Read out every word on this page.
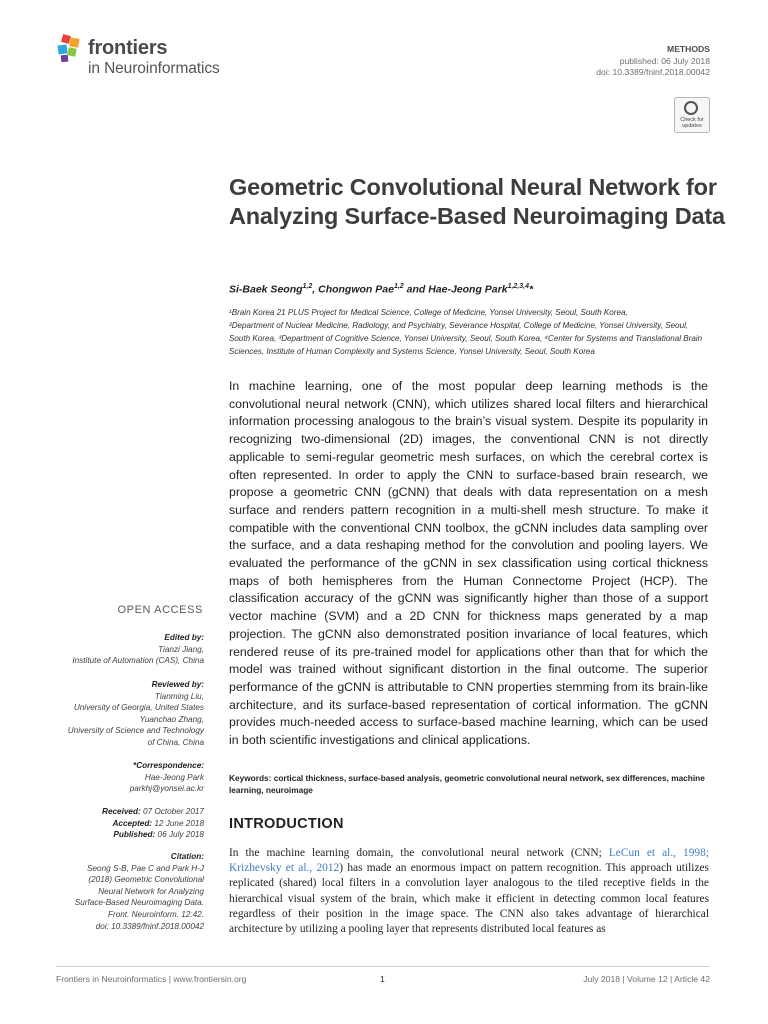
frontiers
in Neuroinformatics
METHODS
published: 06 July 2018
doi: 10.3389/fninf.2018.00042
Check for updates
Geometric Convolutional Neural Network for Analyzing Surface-Based Neuroimaging Data
Si-Baek Seong$^{1,2}$, Chongwon Pae$^{1,2}$ and Hae-Jeong Park$^{1,2,3,4}$*

¹Brain Korea 21 PLUS Project for Medical Science, College of Medicine, Yonsei University, Seoul, South Korea,

²Department of Nuclear Medicine, Radiology, and Psychiatry, Severance Hospital, College of Medicine, Yonsei University, Seoul, South Korea, ³Department of Cognitive Science, Yonsei University, Seoul, South Korea, ⁴Center for Systems and Translational Brain Sciences, Institute of Human Complexity and Systems Science, Yonsei University, Seoul, South Korea

In machine learning, one of the most popular deep learning methods is the convolutional neural network (CNN), which utilizes shared local filters and hierarchical information processing analogous to the brain’s visual system. Despite its popularity in recognizing two-dimensional (2D) images, the conventional CNN is not directly applicable to semi-regular geometric mesh surfaces, on which the cerebral cortex is often represented. In order to apply the CNN to surface-based brain research, we propose a geometric CNN (gCNN) that deals with data representation on a mesh surface and renders pattern recognition in a multi-shell mesh structure. To make it compatible with the conventional CNN toolbox, the gCNN includes data sampling over the surface, and a data reshaping method for the convolution and pooling layers. We evaluated the performance of the gCNN in sex classification using cortical thickness maps of both hemispheres from the Human Connectome Project (HCP). The classification accuracy of the gCNN was significantly higher than those of a support vector machine (SVM) and a 2D CNN for thickness maps generated by a map projection. The gCNN also demonstrated position invariance of local features, which rendered reuse of its pre-trained model for applications other than that for which the model was trained without significant distortion in the final outcome. The superior performance of the gCNN is attributable to CNN properties stemming from its brain-like architecture, and its surface-based representation of cortical information. The gCNN provides much-needed access to surface-based machine learning, which can be used in both scientific investigations and clinical applications.
Keywords: cortical thickness, surface-based analysis, geometric convolutional neural network, sex differences, machine learning, neuroimage
INTRODUCTION
In the machine learning domain, the convolutional neural network (CNN; LeCun et al., 1998; Krizhevsky et al., 2012) has made an enormous impact on pattern recognition. This approach utilizes replicated (shared) local filters in a convolution layer analogous to the tiled receptive fields in the hierarchical visual system of the brain, which make it efficient in detecting common local features regardless of their position in the image space. The CNN also takes advantage of hierarchical architecture by utilizing a pooling layer that represents distributed local features as
OPEN ACCESS
Edited by:
Tianzi Jiang,
Institute of Automation (CAS), China
Reviewed by:
Tianming Liu,
University of Georgia, United States
Yuanchao Zhang,
University of Science and Technology
of China, China
*Correspondence:
Hae-Jeong Park
parkhj@yonsei.ac.kr
Received: 07 October 2017
Accepted: 12 June 2018
Published: 06 July 2018
Citation:
Seong S-B, Pae C and Park H-J
(2018) Geometric Convolutional
Neural Network for Analyzing
Surface-Based Neuroimaging Data.
Front. Neuroinform. 12:42.
doi: 10.3389/fninf.2018.00042
Frontiers in Neuroinformatics | www.frontiersin.org	1	July 2018 | Volume 12 | Article 42
